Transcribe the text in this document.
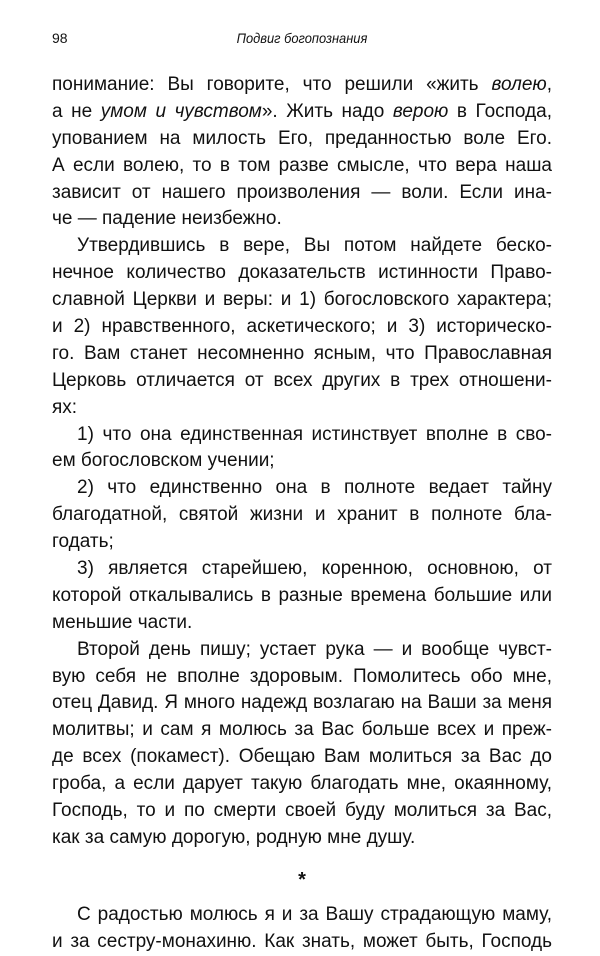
98	Подвиг богопознания
понимание: Вы говорите, что решили «жить волею,
а не умом и чувством». Жить надо верою в Господа,
упованием на милость Его, преданностью воле Его.
А если волею, то в том разве смысле, что вера наша
зависит от нашего произволения — воли. Если ина-
че — падение неизбежно.
Утвердившись в вере, Вы потом найдете беско-
нечное количество доказательств истинности Право-
славной Церкви и веры: и 1) богословского характера;
и 2) нравственного, аскетического; и 3) историческо-
го. Вам станет несомненно ясным, что Православная
Церковь отличается от всех других в трех отношени-
ях:
1) что она единственная истинствует вполне в сво-
ем богословском учении;
2) что единственно она в полноте ведает тайну
благодатной, святой жизни и хранит в полноте бла-
годать;
3) является старейшею, коренною, основною, от
которой откалывались в разные времена большие или
меньшие части.
Второй день пишу; устает рука — и вообще чувст-
вую себя не вполне здоровым. Помолитесь обо мне,
отец Давид. Я много надежд возлагаю на Ваши за меня
молитвы; и сам я молюсь за Вас больше всех и преж-
де всех (покамест). Обещаю Вам молиться за Вас до
гроба, а если дарует такую благодать мне, окаянному,
Господь, то и по смерти своей буду молиться за Вас,
как за самую дорогую, родную мне душу.
*
С радостью молюсь я и за Вашу страдающую маму,
и за сестру-монахиню. Как знать, может быть, Господь
